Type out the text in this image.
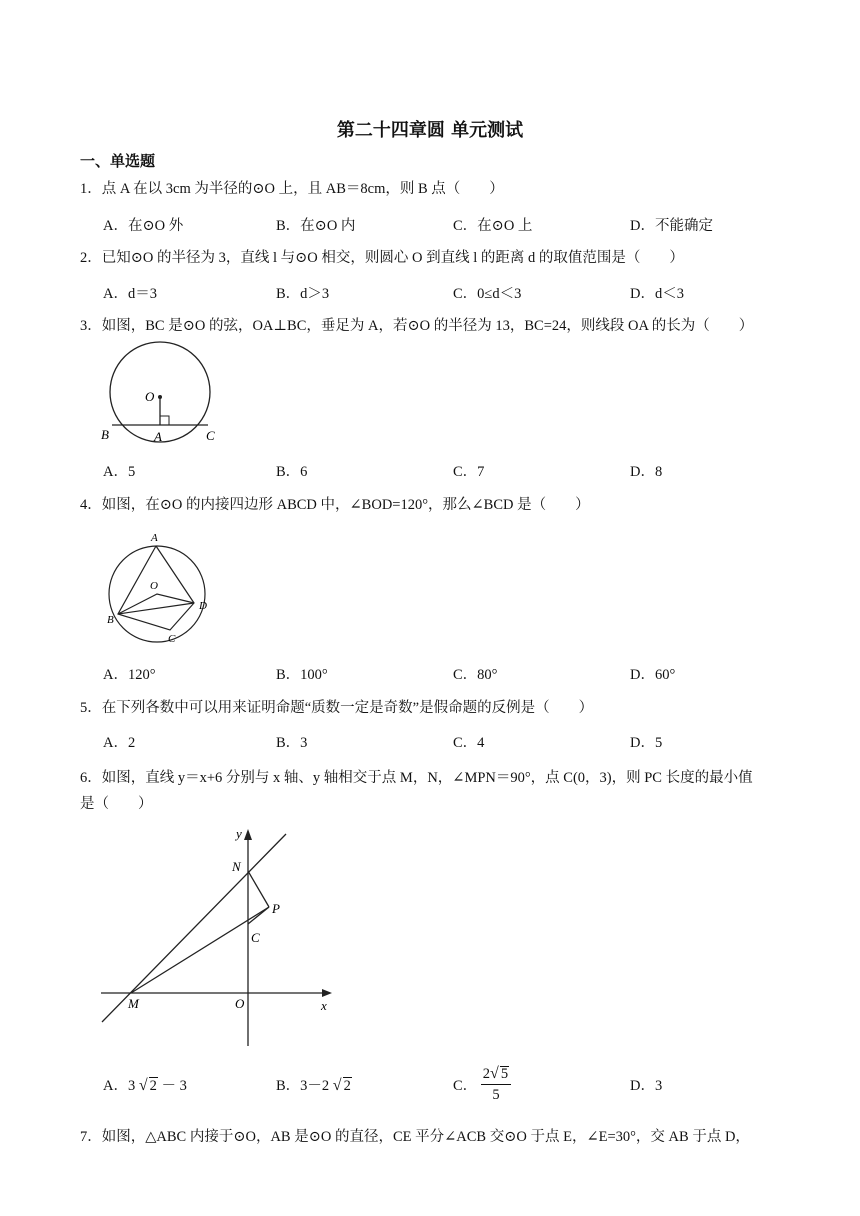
第二十四章圆 单元测试
一、单选题
1．点 A 在以 3cm 为半径的⊙O 上，且 AB＝8cm，则 B 点（　　）
A．在⊙O 外	B．在⊙O 内	C．在⊙O 上	D．不能确定
2．已知⊙O 的半径为 3，直线 l 与⊙O 相交，则圆心 O 到直线 l 的距离 d 的取值范围是（　　）
A．d＝3	B．d＞3	C．0≤d＜3	D．d＜3
3．如图，BC 是⊙O 的弦，OA⊥BC，垂足为 A，若⊙O 的半径为 13，BC=24，则线段 OA 的长为（　　）
O
B	A	C
A．5	B．6	C．7	D．8
4．如图，在⊙O 的内接四边形 ABCD 中，∠BOD=120°，那么∠BCD 是（　　）
A
O
B
C
D
A．120°	B．100°	C．80°	D．60°
5．在下列各数中可以用来证明命题“质数一定是奇数”是假命题的反例是（　　）
A．2	B．3	C．4	D．5
6．如图，直线 y＝x+6 分别与 x 轴、y 轴相交于点 M，N，∠MPN＝90°，点 C(0，3)，则 PC 长度的最小值
是（　　）
y
N
P
C
M	O	x
A．3 √ 2 － 3	B．3－2 √ 2	C． $\frac{2√ 5}{5}$	D．3
7．如图，△ABC 内接于⊙O，AB 是⊙O 的直径，CE 平分∠ACB 交⊙O 于点 E，∠E=30°，交 AB 于点 D，
